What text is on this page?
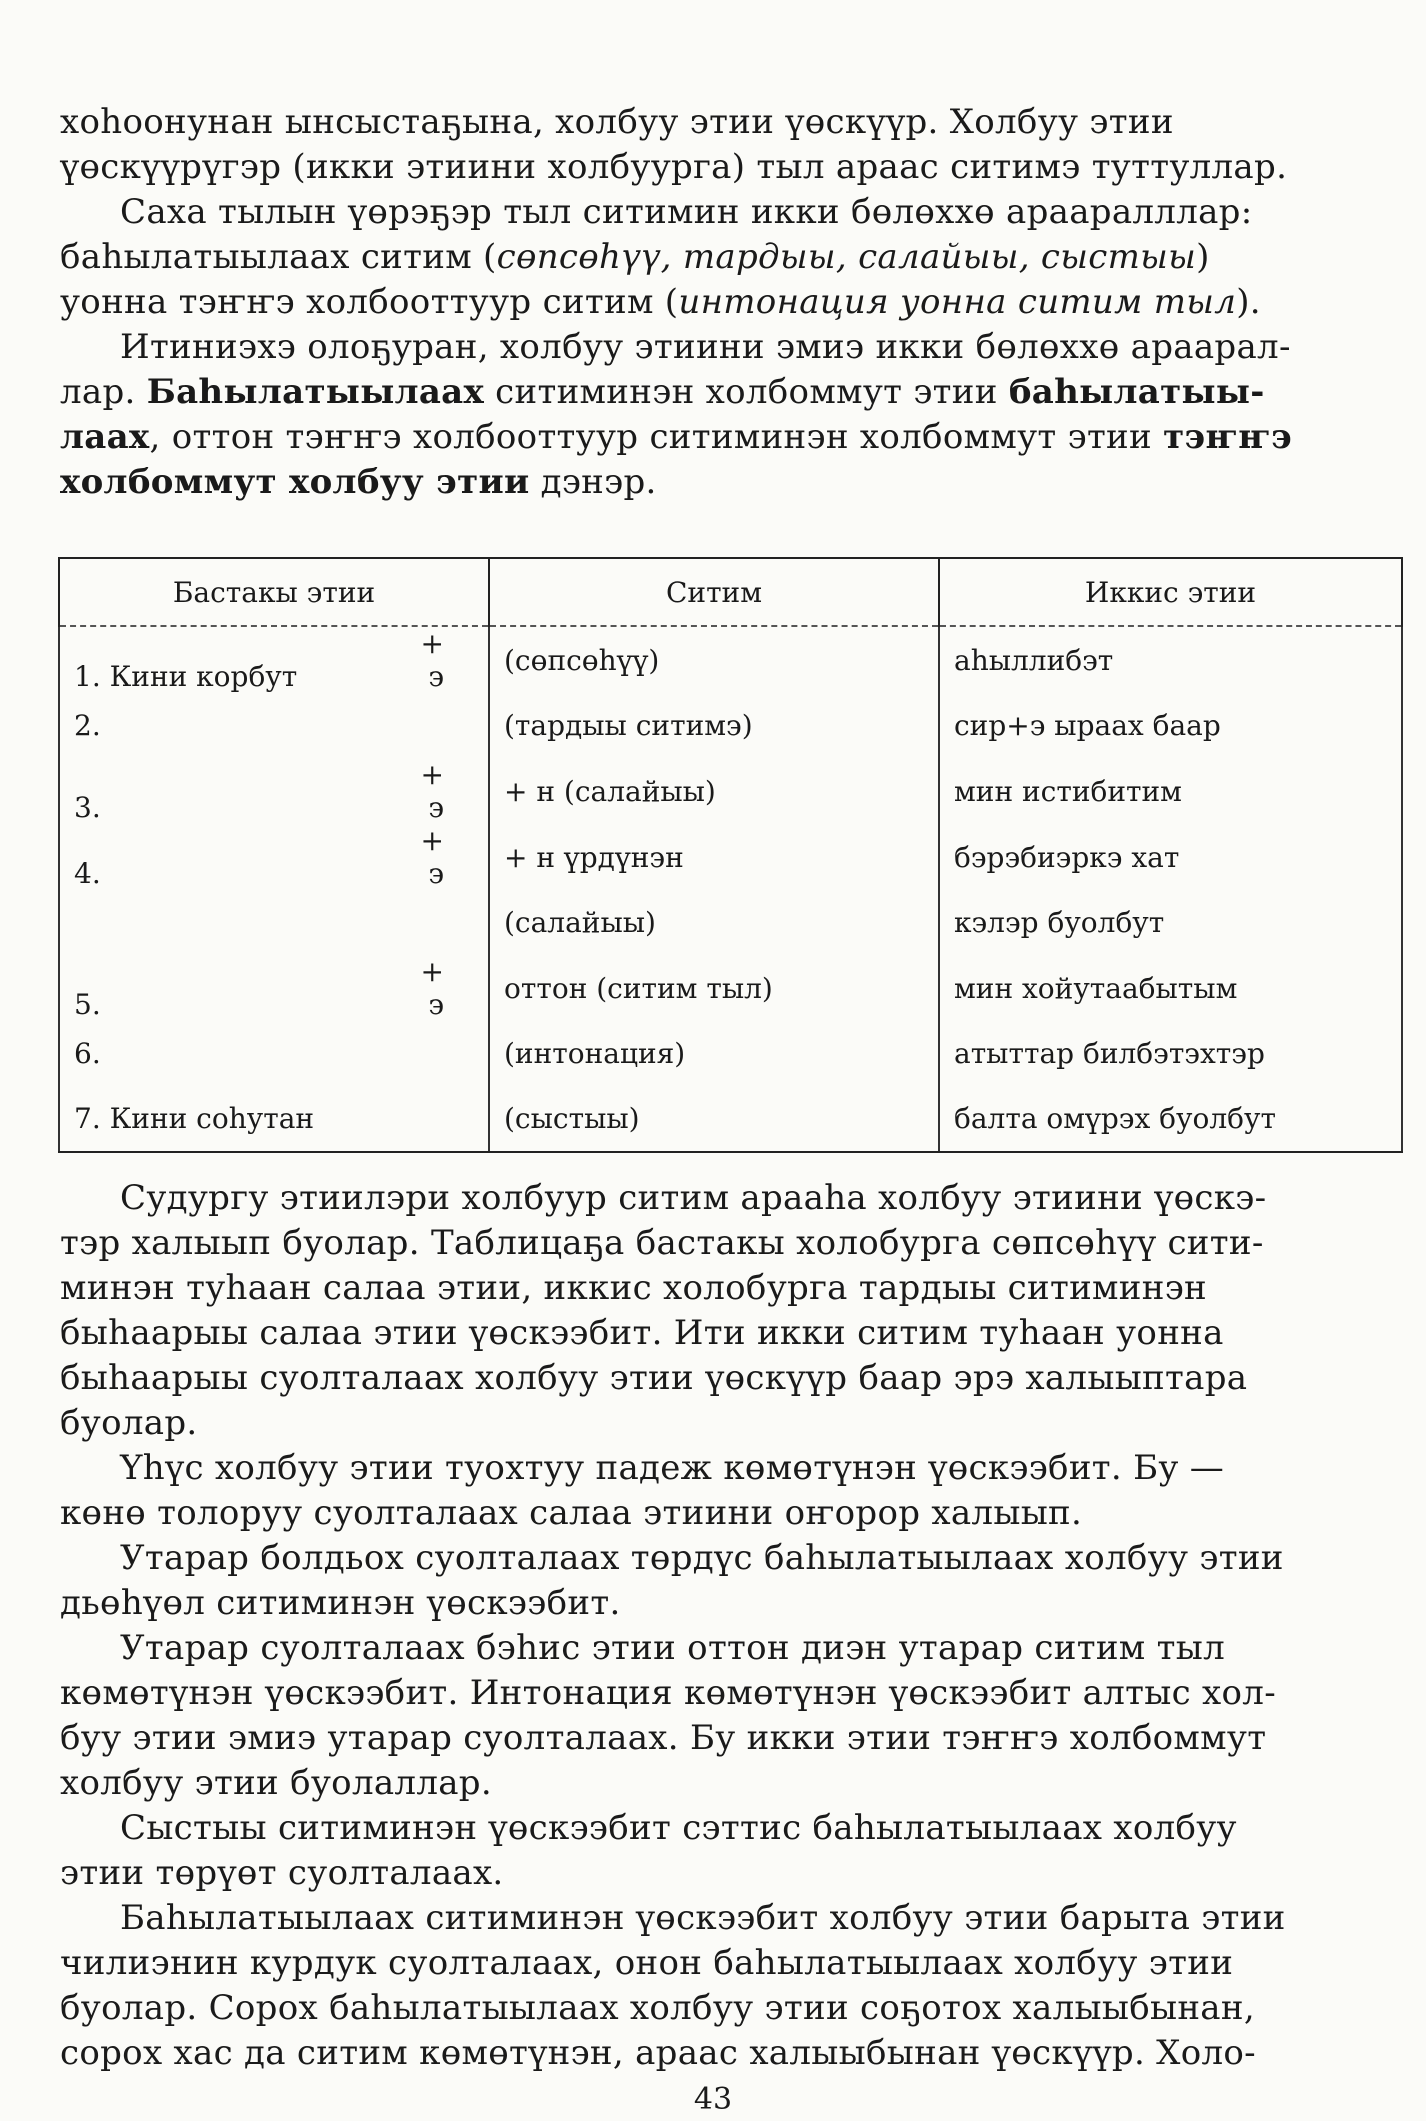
хоһоонунан ынсыстаҕына, холбуу этии үөскүүр. Холбуу этии
үөскүүрүгэр (икки этиини холбуурга) тыл араас ситимэ туттуллар.

Саха тылын үөрэҕэр тыл ситимин икки бөлөххө арааралллар:
баһылатыылаах ситим (сөпсөһүү, тардыы, салайыы, сыстыы)
уонна тэҥҥэ холбооттуур ситим (интонация уонна ситим тыл).

Итиниэхэ олоҕуран, холбуу этиини эмиэ икки бөлөххө араарал-
лар. Баһылатыылаах ситиминэн холбоммут этии баһылатыы-
лаах, оттон тэҥҥэ холбооттуур ситиминэн холбоммут этии тэҥҥэ
холбоммут холбуу этии дэнэр.

Бастакы этии	Ситим	Иккис этии
1. Кини корбут+ э	(сөпсөһүү)	аһыллибэт
2.	(тардыы ситимэ)	сир+э ыраах баар
3.+ э	+ н (салайыы)	мин истибитим
4.+ э	+ н үрдүнэн	бэрэбиэркэ хат
	(салайыы)	кэлэр буолбут
5.+ э	оттон (ситим тыл)	мин хойутаабытым
6.	(интонация)	атыттар билбэтэхтэр
7. Кини соһутан	(сыстыы)	балта омүрэх буолбут

Судургу этиилэри холбуур ситим арааһа холбуу этиини үөскэ-
тэр халыып буолар. Таблицаҕа бастакы холобурга сөпсөһүү сити-
минэн туһаан салаа этии, иккис холобурга тардыы ситиминэн
быһаарыы салаа этии үөскээбит. Ити икки ситим туһаан уонна
быһаарыы суолталаах холбуу этии үөскүүр баар эрэ халыыптара
буолар.

Үһүс холбуу этии туохтуу падеж көмөтүнэн үөскээбит. Бу —
көнө толоруу суолталаах салаа этиини оҥорор халыып.

Утарар болдьох суолталаах төрдүс баһылатыылаах холбуу этии
дьөһүөл ситиминэн үөскээбит.

Утарар суолталаах бэһис этии оттон диэн утарар ситим тыл
көмөтүнэн үөскээбит. Интонация көмөтүнэн үөскээбит алтыс хол-
буу этии эмиэ утарар суолталаах. Бу икки этии тэҥҥэ холбоммут
холбуу этии буолаллар.

Сыстыы ситиминэн үөскээбит сэттис баһылатыылаах холбуу
этии төрүөт суолталаах.

Баһылатыылаах ситиминэн үөскээбит холбуу этии барыта этии
чилиэнин курдук суолталаах, онон баһылатыылаах холбуу этии
буолар. Сорох баһылатыылаах холбуу этии соҕотох халыыбынан,
сорох хас да ситим көмөтүнэн, араас халыыбынан үөскүүр. Холо-

43
